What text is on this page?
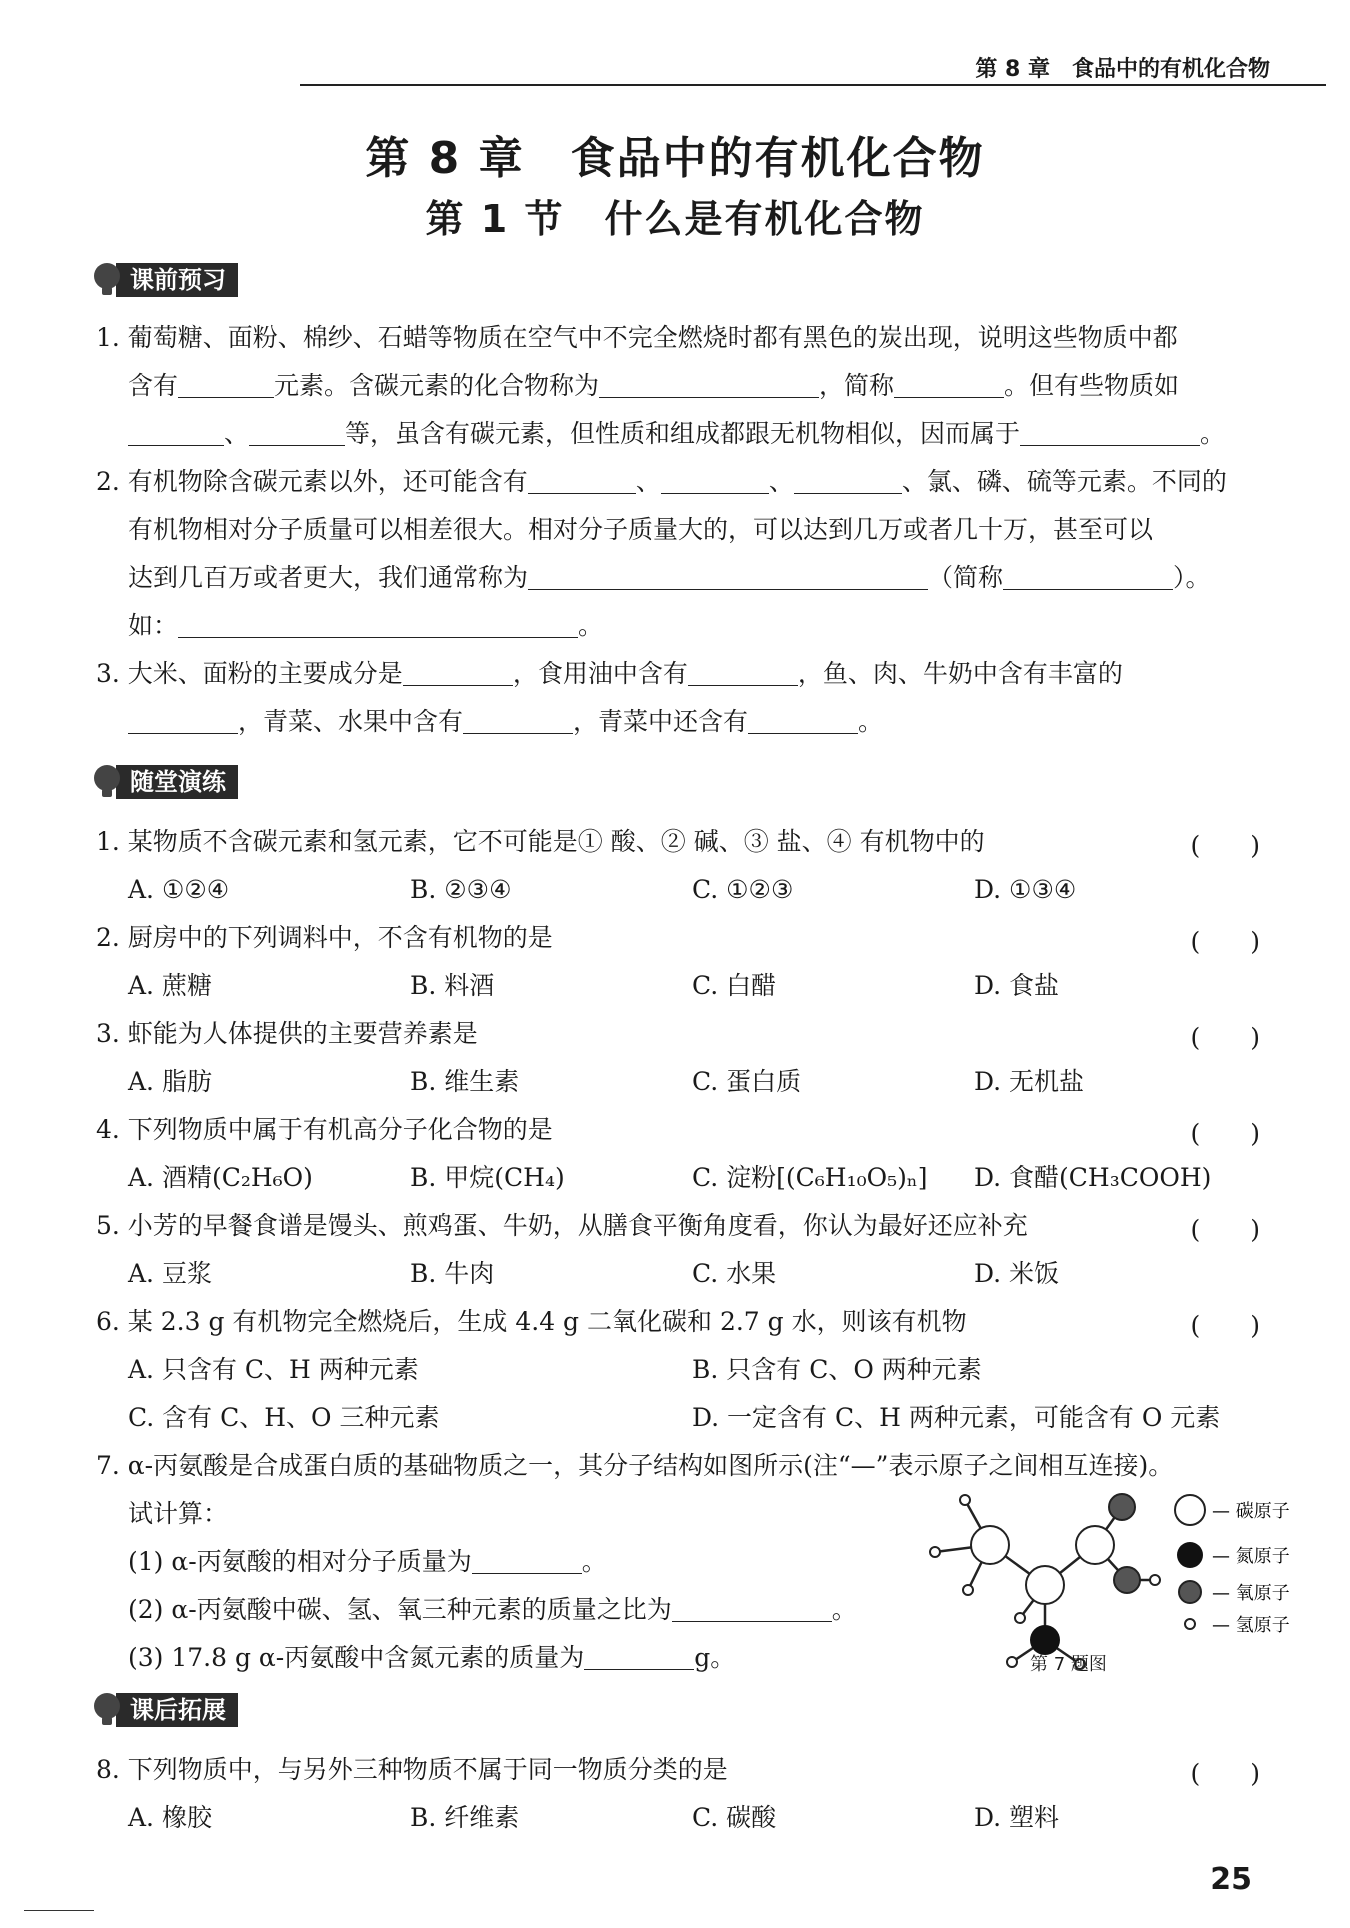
第 8 章　食品中的有机化合物
第 8 章　食品中的有机化合物
第 1 节　什么是有机化合物
课前预习
1. 葡萄糖、面粉、棉纱、石蜡等物质在空气中不完全燃烧时都有黑色的炭出现，说明这些物质中都
含有	元素。含碳元素的化合物称为	，简称	。但有些物质如
、	等，虽含有碳元素，但性质和组成都跟无机物相似，因而属于	。
2. 有机物除含碳元素以外，还可能含有	、	、	、氯、磷、硫等元素。不同的
有机物相对分子质量可以相差很大。相对分子质量大的，可以达到几万或者几十万，甚至可以
达到几百万或者更大，我们通常称为	（简称	）。
如：	。
3. 大米、面粉的主要成分是	，食用油中含有	，鱼、肉、牛奶中含有丰富的
，青菜、水果中含有	，青菜中还含有	。
随堂演练
1. 某物质不含碳元素和氢元素，它不可能是① 酸、② 碱、③ 盐、④ 有机物中的	(　　)
A. ①②④	B. ②③④	C. ①②③	D. ①③④
2. 厨房中的下列调料中，不含有机物的是	(　　)
A. 蔗糖	B. 料酒	C. 白醋	D. 食盐
3. 虾能为人体提供的主要营养素是	(　　)
A. 脂肪	B. 维生素	C. 蛋白质	D. 无机盐
4. 下列物质中属于有机高分子化合物的是	(　　)
A. 酒精(C₂H₆O)	B. 甲烷(CH₄)	C. 淀粉[(C₆H₁₀O₅)ₙ] D. 食醋(CH₃COOH)
5. 小芳的早餐食谱是馒头、煎鸡蛋、牛奶，从膳食平衡角度看，你认为最好还应补充	(　　)
A. 豆浆	B. 牛肉	C. 水果	D. 米饭
6. 某 2.3 g 有机物完全燃烧后，生成 4.4 g 二氧化碳和 2.7 g 水，则该有机物	(　　)
A. 只含有 C、H 两种元素	B. 只含有 C、O 两种元素
C. 含有 C、H、O 三种元素	D. 一定含有 C、H 两种元素，可能含有 O 元素
7. α-丙氨酸是合成蛋白质的基础物质之一，其分子结构如图所示(注“—”表示原子之间相互连接)。
试计算：
(1) α-丙氨酸的相对分子质量为	。
(2) α-丙氨酸中碳、氢、氧三种元素的质量之比为	。
(3) 17.8 g α-丙氨酸中含氮元素的质量为	g。
— 碳原子
— 氮原子
— 氧原子
— 氢原子
第 7 题图
课后拓展
8. 下列物质中，与另外三种物质不属于同一物质分类的是	(　　)
A. 橡胶	B. 纤维素	C. 碳酸	D. 塑料
25
